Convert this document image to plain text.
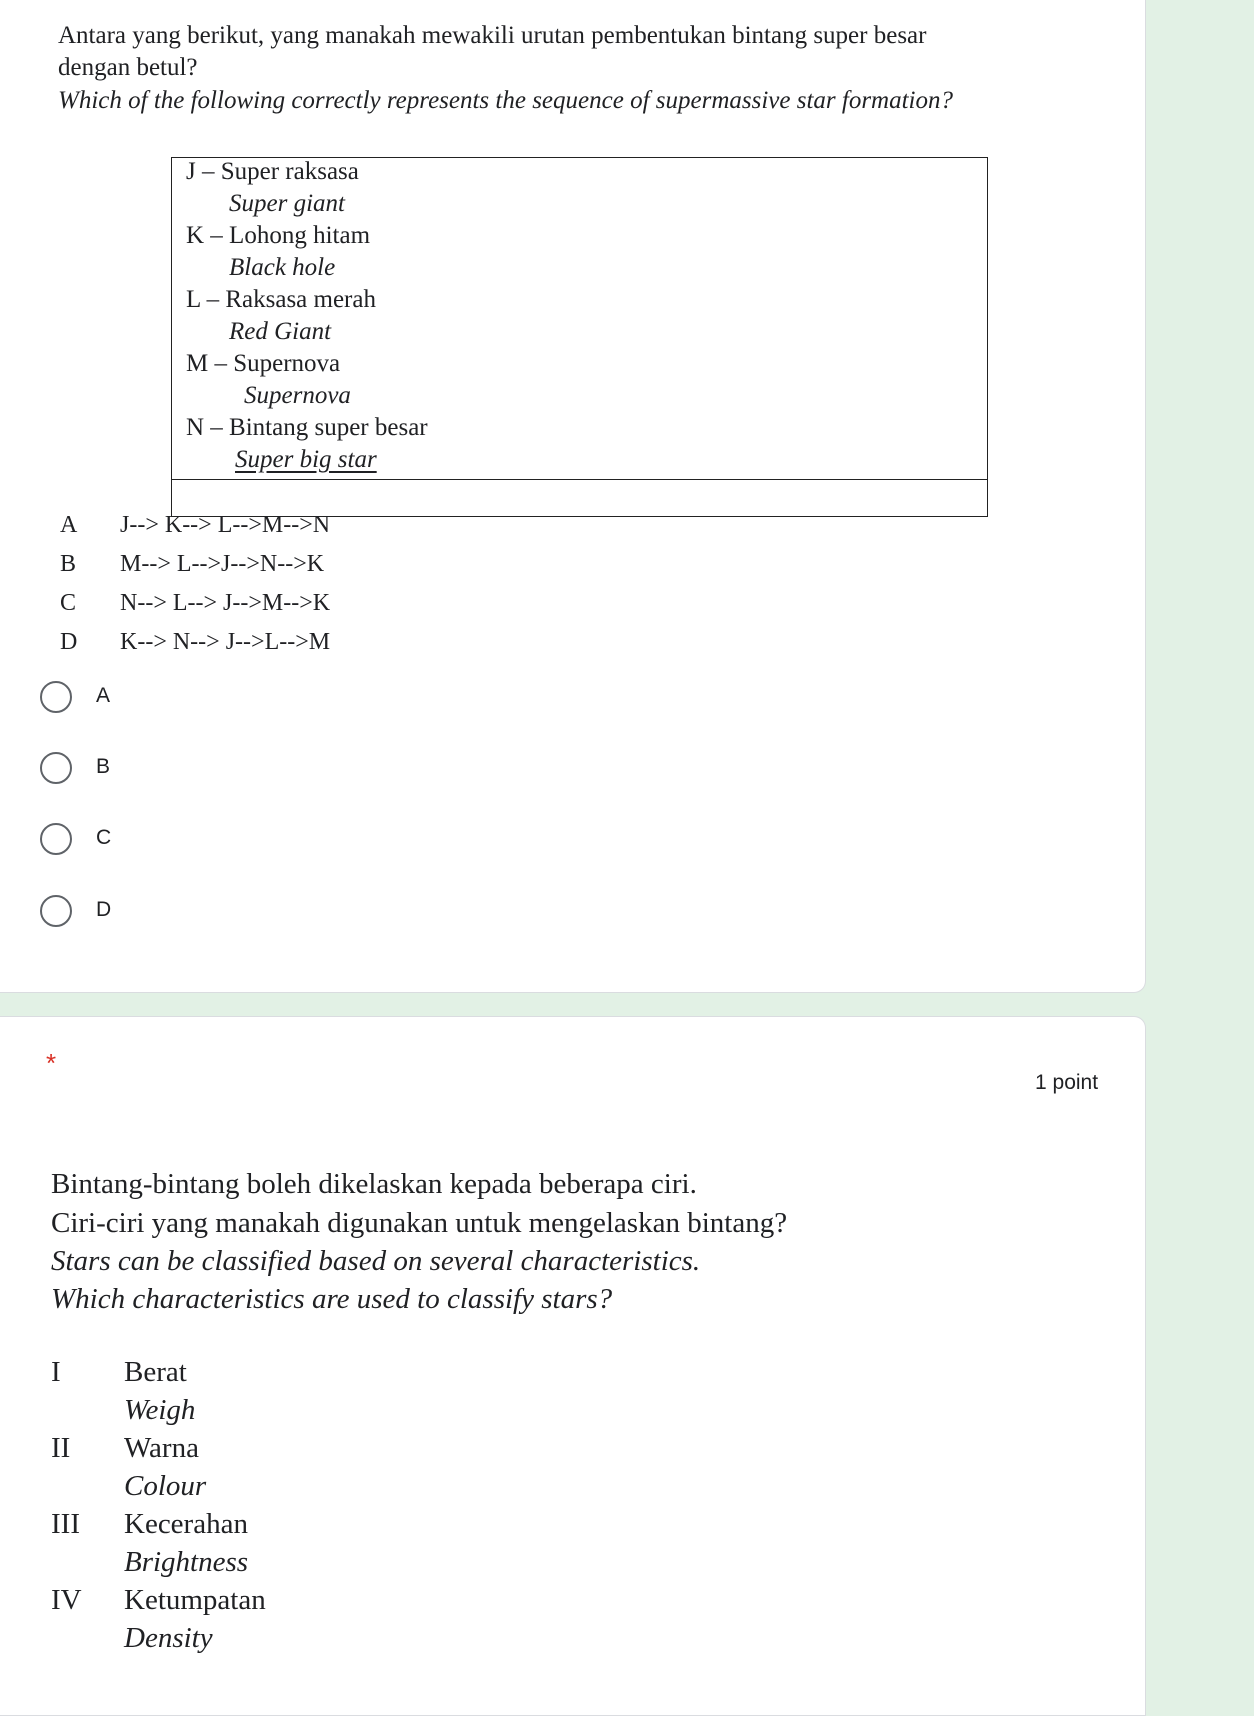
Antara yang berikut, yang manakah mewakili urutan pembentukan bintang super besar
dengan betul?
Which of the following correctly represents the sequence of supermassive star formation?
J – Super raksasa
Super giant
K – Lohong hitam
Black hole
L – Raksasa merah
Red Giant
M – Supernova
Supernova
N – Bintang super besar
Super big star
A J--> K--> L-->M-->N
B M--> L-->J-->N-->K
C N--> L--> J-->M-->K
D K--> N--> J-->L-->M
A
B
C
D
*
1 point
Bintang-bintang boleh dikelaskan kepada beberapa ciri.
Ciri-ciri yang manakah digunakan untuk mengelaskan bintang?
Stars can be classified based on several characteristics.
Which characteristics are used to classify stars?
I Berat
Weigh
II Warna
Colour
III Kecerahan
Brightness
IV Ketumpatan
Density
